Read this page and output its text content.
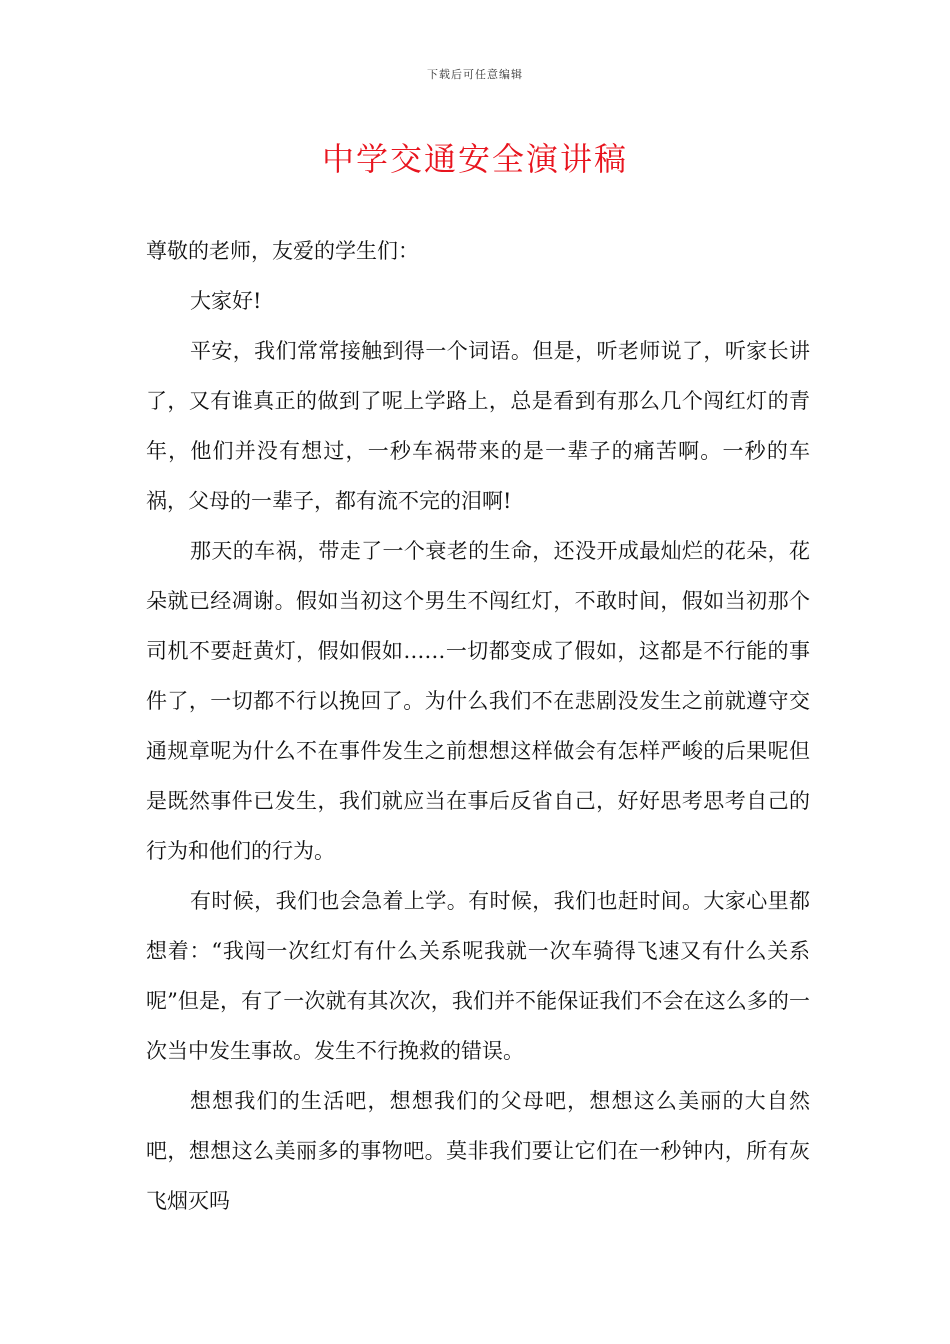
下载后可任意编辑
中学交通安全演讲稿

尊敬的老师，友爱的学生们：

大家好!

平安，我们常常接触到得一个词语。但是，听老师说了，听家长讲了，又有谁真正的做到了呢上学路上，总是看到有那么几个闯红灯的青年，他们并没有想过，一秒车祸带来的是一辈子的痛苦啊。一秒的车祸，父母的一辈子，都有流不完的泪啊!

那天的车祸，带走了一个衰老的生命，还没开成最灿烂的花朵，花朵就已经凋谢。假如当初这个男生不闯红灯，不敢时间，假如当初那个司机不要赶黄灯，假如假如……一切都变成了假如，这都是不行能的事件了，一切都不行以挽回了。为什么我们不在悲剧没发生之前就遵守交通规章呢为什么不在事件发生之前想想这样做会有怎样严峻的后果呢但是既然事件已发生，我们就应当在事后反省自己，好好思考思考自己的行为和他们的行为。

有时候，我们也会急着上学。有时候，我们也赶时间。大家心里都想着：“我闯一次红灯有什么关系呢我就一次车骑得飞速又有什么关系呢”但是，有了一次就有其次次，我们并不能保证我们不会在这么多的一次当中发生事故。发生不行挽救的错误。

想想我们的生活吧，想想我们的父母吧，想想这么美丽的大自然吧，想想这么美丽多的事物吧。莫非我们要让它们在一秒钟内，所有灰飞烟灭吗
